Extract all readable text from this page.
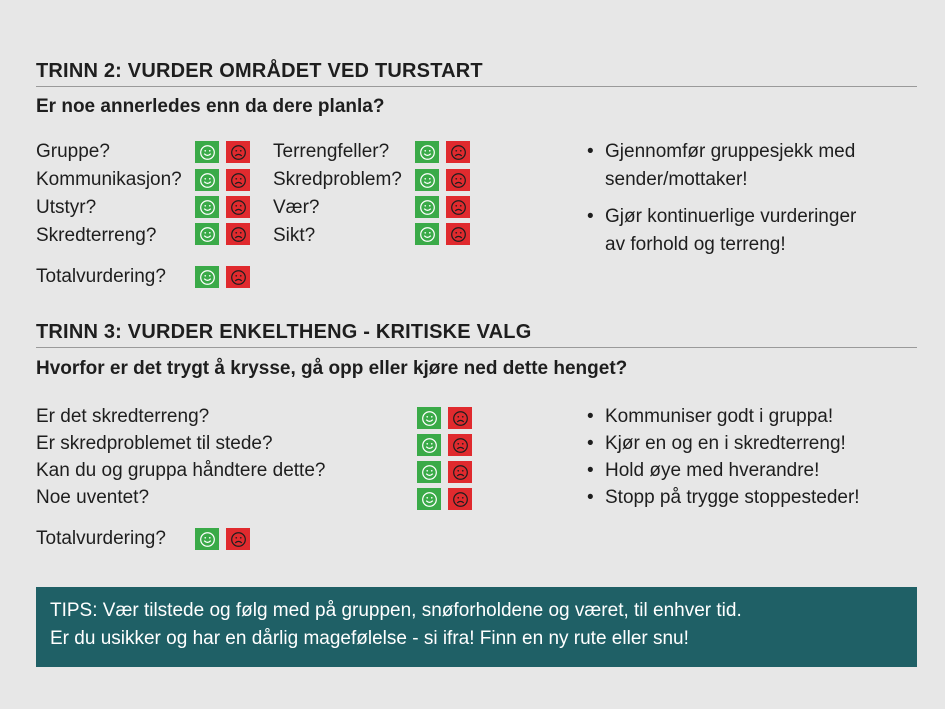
TRINN 2: VURDER OMRÅDET VED TURSTART
Er noe annerledes enn da dere planla?
Gruppe?
Kommunikasjon?
Utstyr?
Skredterreng?
Terrengfeller?
Skredproblem?
Vær?
Sikt?
Totalvurdering?
• Gjennomfør gruppesjekk med
sender/mottaker!
• Gjør kontinuerlige vurderinger
av forhold og terreng!
TRINN 3: VURDER ENKELTHENG - KRITISKE VALG
Hvorfor er det trygt å krysse, gå opp eller kjøre ned dette henget?
Er det skredterreng?
Er skredproblemet til stede?
Kan du og gruppa håndtere dette?
Noe uventet?
Totalvurdering?
• Kommuniser godt i gruppa!
• Kjør en og en i skredterreng!
• Hold øye med hverandre!
• Stopp på trygge stoppesteder!
TIPS: Vær tilstede og følg med på gruppen, snøforholdene og været, til enhver tid.
Er du usikker og har en dårlig magefølelse - si ifra! Finn en ny rute eller snu!
